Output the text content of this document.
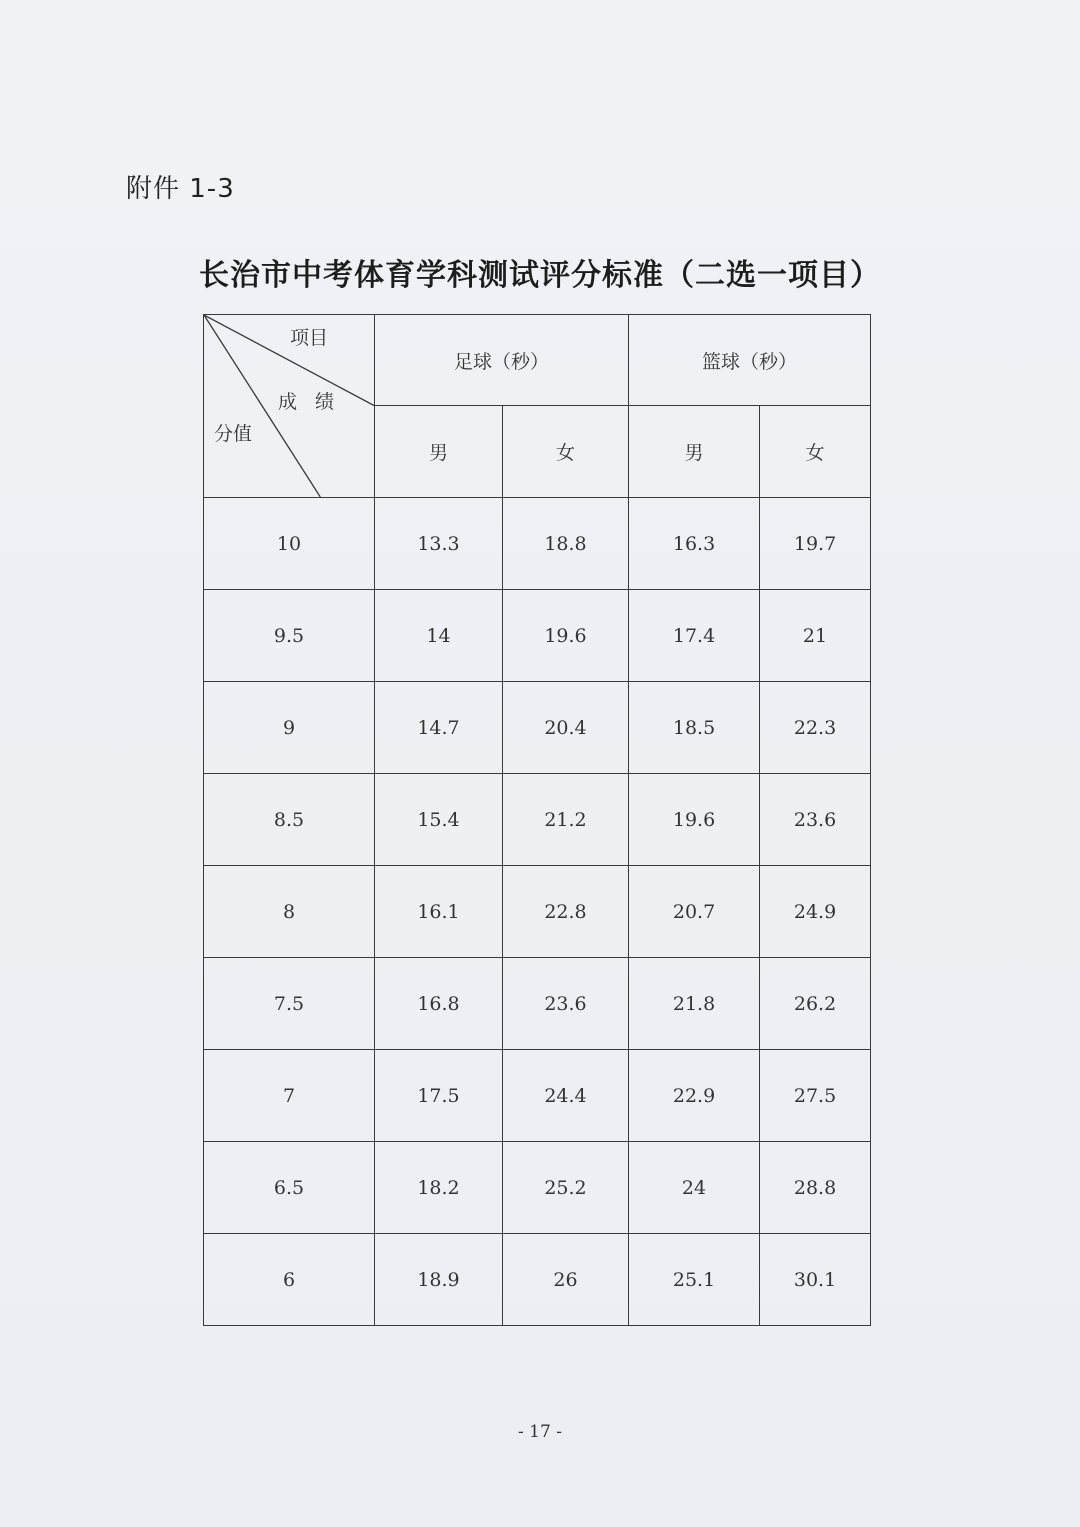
附件 1-3
长治市中考体育学科测试评分标准（二选一项目）
项目
成 绩
分值	足球（秒）		篮球（秒）	
	男	女	男	女
10	13.3	18.8	16.3	19.7
9.5	14	19.6	17.4	21
9	14.7	20.4	18.5	22.3
8.5	15.4	21.2	19.6	23.6
8	16.1	22.8	20.7	24.9
7.5	16.8	23.6	21.8	26.2
7	17.5	24.4	22.9	27.5
6.5	18.2	25.2	24	28.8
6	18.9	26	25.1	30.1
- 17 -
